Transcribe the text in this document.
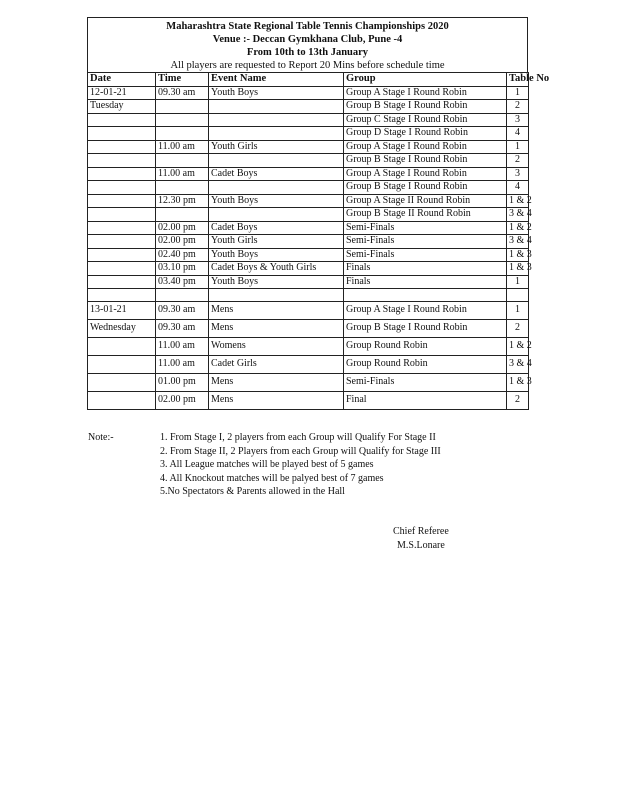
Maharashtra State Regional Table Tennis Championships 2020
Venue :- Deccan Gymkhana Club, Pune -4
From 10th to 13th January
All players are requested to Report 20 Mins before schedule time
Date	Time	Event Name	Group	Table No
12-01-21	09.30 am	Youth Boys	Group A Stage I Round Robin	1
Tuesday			Group B Stage I Round Robin	2
			Group C Stage I Round Robin	3
			Group D Stage I Round Robin	4
	11.00 am	Youth Girls	Group A Stage I Round Robin	1
			Group B Stage I Round Robin	2
	11.00 am	Cadet Boys	Group A Stage I Round Robin	3
			Group B Stage I Round Robin	4
	12.30 pm	Youth Boys	Group A Stage II Round Robin	1 & 2
			Group B Stage II Round Robin	3 & 4
	02.00 pm	Cadet Boys	Semi-Finals	1 & 2
	02.00 pm	Youth Girls	Semi-Finals	3 & 4
	02.40 pm	Youth Boys	Semi-Finals	1 & 3
	03.10 pm	Cadet Boys & Youth Girls	Finals	1 & 3
	03.40 pm	Youth Boys	Finals	1

13-01-21	09.30 am	Mens	Group A Stage I Round Robin	1
Wednesday	09.30 am	Mens	Group B Stage I Round Robin	2
	11.00 am	Womens	Group Round Robin	1 & 2
	11.00 am	Cadet Girls	Group Round Robin	3 & 4
	01.00 pm	Mens	Semi-Finals	1 & 3
	02.00 pm	Mens	Final	2
Note:-	1. From Stage I, 2 players from each Group will Qualify For Stage II
2. From Stage II, 2 Players from each Group will Qualify for Stage III
3. All League matches will be played best of 5 games
4. All Knockout matches will be palyed best of 7 games
5.No Spectators & Parents allowed in the Hall
Chief Referee
M.S.Lonare
